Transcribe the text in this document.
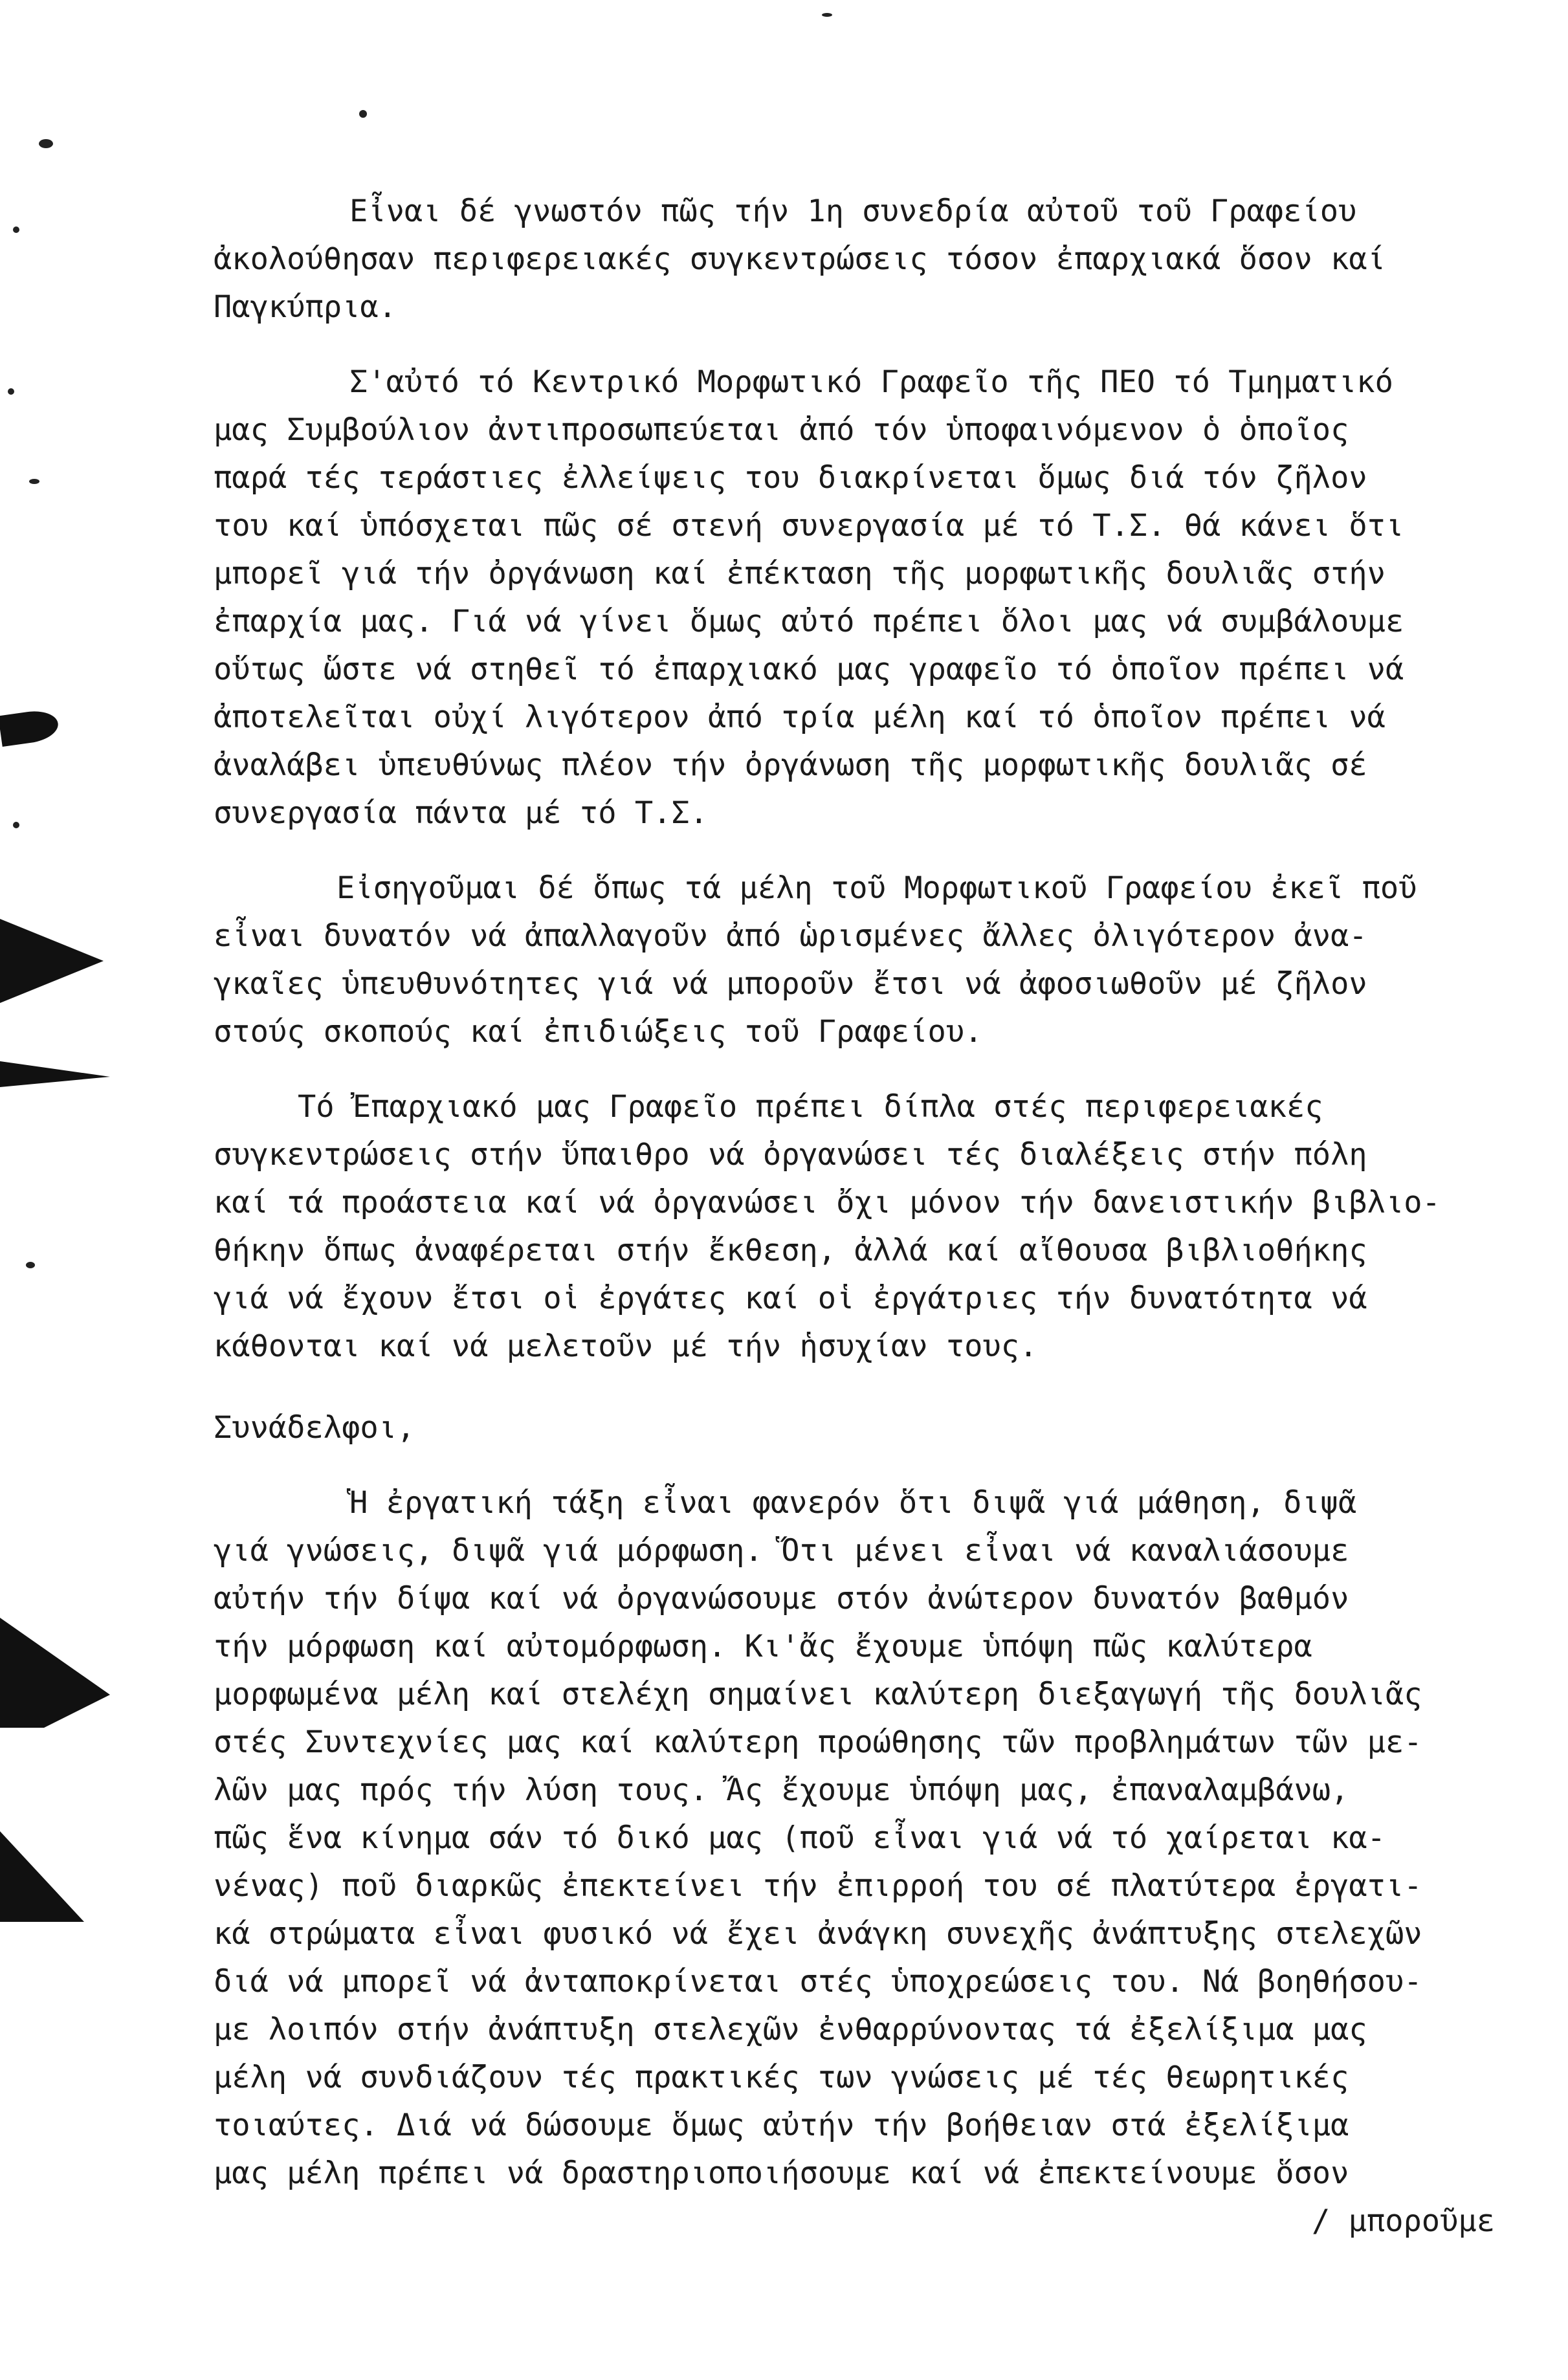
Εἶναι δέ γνωστόν πῶς τήν 1η συνεδρία αὐτοῦ τοῦ Γραφείου
ἀκολούθησαν περιφερειακές συγκεντρώσεις τόσον ἐπαρχιακά ὅσον καί
Παγκύπρια.
Σ'αὐτό τό Κεντρικό Μορφωτικό Γραφεῖο τῆς ΠΕΟ τό Τμηματικό
μας Συμβούλιον ἀντιπροσωπεύεται ἀπό τόν ὑποφαινόμενον ὁ ὁποῖος
παρά τές τεράστιες ἐλλείψεις του διακρίνεται ὅμως διά τόν ζῆλον
του καί ὑπόσχεται πῶς σέ στενή συνεργασία μέ τό Τ.Σ. θά κάνει ὅτι
μπορεῖ γιά τήν ὀργάνωση καί ἐπέκταση τῆς μορφωτικῆς δουλιᾶς στήν
ἐπαρχία μας. Γιά νά γίνει ὅμως αὐτό πρέπει ὅλοι μας νά συμβάλουμε
οὕτως ὥστε νά στηθεῖ τό ἐπαρχιακό μας γραφεῖο τό ὁποῖον πρέπει νά
ἀποτελεῖται οὐχί λιγότερον ἀπό τρία μέλη καί τό ὁποῖον πρέπει νά
ἀναλάβει ὑπευθύνως πλέον τήν ὀργάνωση τῆς μορφωτικῆς δουλιᾶς σέ
συνεργασία πάντα μέ τό Τ.Σ.
Εἰσηγοῦμαι δέ ὅπως τά μέλη τοῦ Μορφωτικοῦ Γραφείου ἐκεῖ ποῦ
εἶναι δυνατόν νά ἀπαλλαγοῦν ἀπό ὡρισμένες ἄλλες ὀλιγότερον ἀνα-
γκαῖες ὑπευθυνότητες γιά νά μποροῦν ἔτσι νά ἀφοσιωθοῦν μέ ζῆλον
στούς σκοπούς καί ἐπιδιώξεις τοῦ Γραφείου.
Τό Ἐπαρχιακό μας Γραφεῖο πρέπει δίπλα στές περιφερειακές
συγκεντρώσεις στήν ὕπαιθρο νά ὀργανώσει τές διαλέξεις στήν πόλη
καί τά προάστεια καί νά ὀργανώσει ὄχι μόνον τήν δανειστικήν βιβλιο-
θήκην ὅπως ἀναφέρεται στήν ἔκθεση, ἀλλά καί αἴθουσα βιβλιοθήκης
γιά νά ἔχουν ἔτσι οἱ ἐργάτες καί οἱ ἐργάτριες τήν δυνατότητα νά
κάθονται καί νά μελετοῦν μέ τήν ἡσυχίαν τους.
Συνάδελφοι,
Ἡ ἐργατική τάξη εἶναι φανερόν ὅτι διψᾶ γιά μάθηση, διψᾶ
γιά γνώσεις, διψᾶ γιά μόρφωση. Ὅτι μένει εἶναι νά καναλιάσουμε
αὐτήν τήν δίψα καί νά ὀργανώσουμε στόν ἀνώτερον δυνατόν βαθμόν
τήν μόρφωση καί αὐτομόρφωση. Κι'ἄς ἔχουμε ὑπόψη πῶς καλύτερα
μορφωμένα μέλη καί στελέχη σημαίνει καλύτερη διεξαγωγή τῆς δουλιᾶς
στές Συντεχνίες μας καί καλύτερη προώθησης τῶν προβλημάτων τῶν με-
λῶν μας πρός τήν λύση τους. Ἄς ἔχουμε ὑπόψη μας, ἐπαναλαμβάνω,
πῶς ἕνα κίνημα σάν τό δικό μας (ποῦ εἶναι γιά νά τό χαίρεται κα-
νένας) ποῦ διαρκῶς ἐπεκτείνει τήν ἐπιρροή του σέ πλατύτερα ἐργατι-
κά στρώματα εἶναι φυσικό νά ἔχει ἀνάγκη συνεχῆς ἀνάπτυξης στελεχῶν
διά νά μπορεῖ νά ἀνταποκρίνεται στές ὑποχρεώσεις του. Νά βοηθήσου-
με λοιπόν στήν ἀνάπτυξη στελεχῶν ἐνθαρρύνοντας τά ἐξελίξιμα μας
μέλη νά συνδιάζουν τές πρακτικές των γνώσεις μέ τές θεωρητικές
τοιαύτες. Διά νά δώσουμε ὅμως αὐτήν τήν βοήθειαν στά ἐξελίξιμα
μας μέλη πρέπει νά δραστηριοποιήσουμε καί νά ἐπεκτείνουμε ὅσον
/ μποροῦμε
